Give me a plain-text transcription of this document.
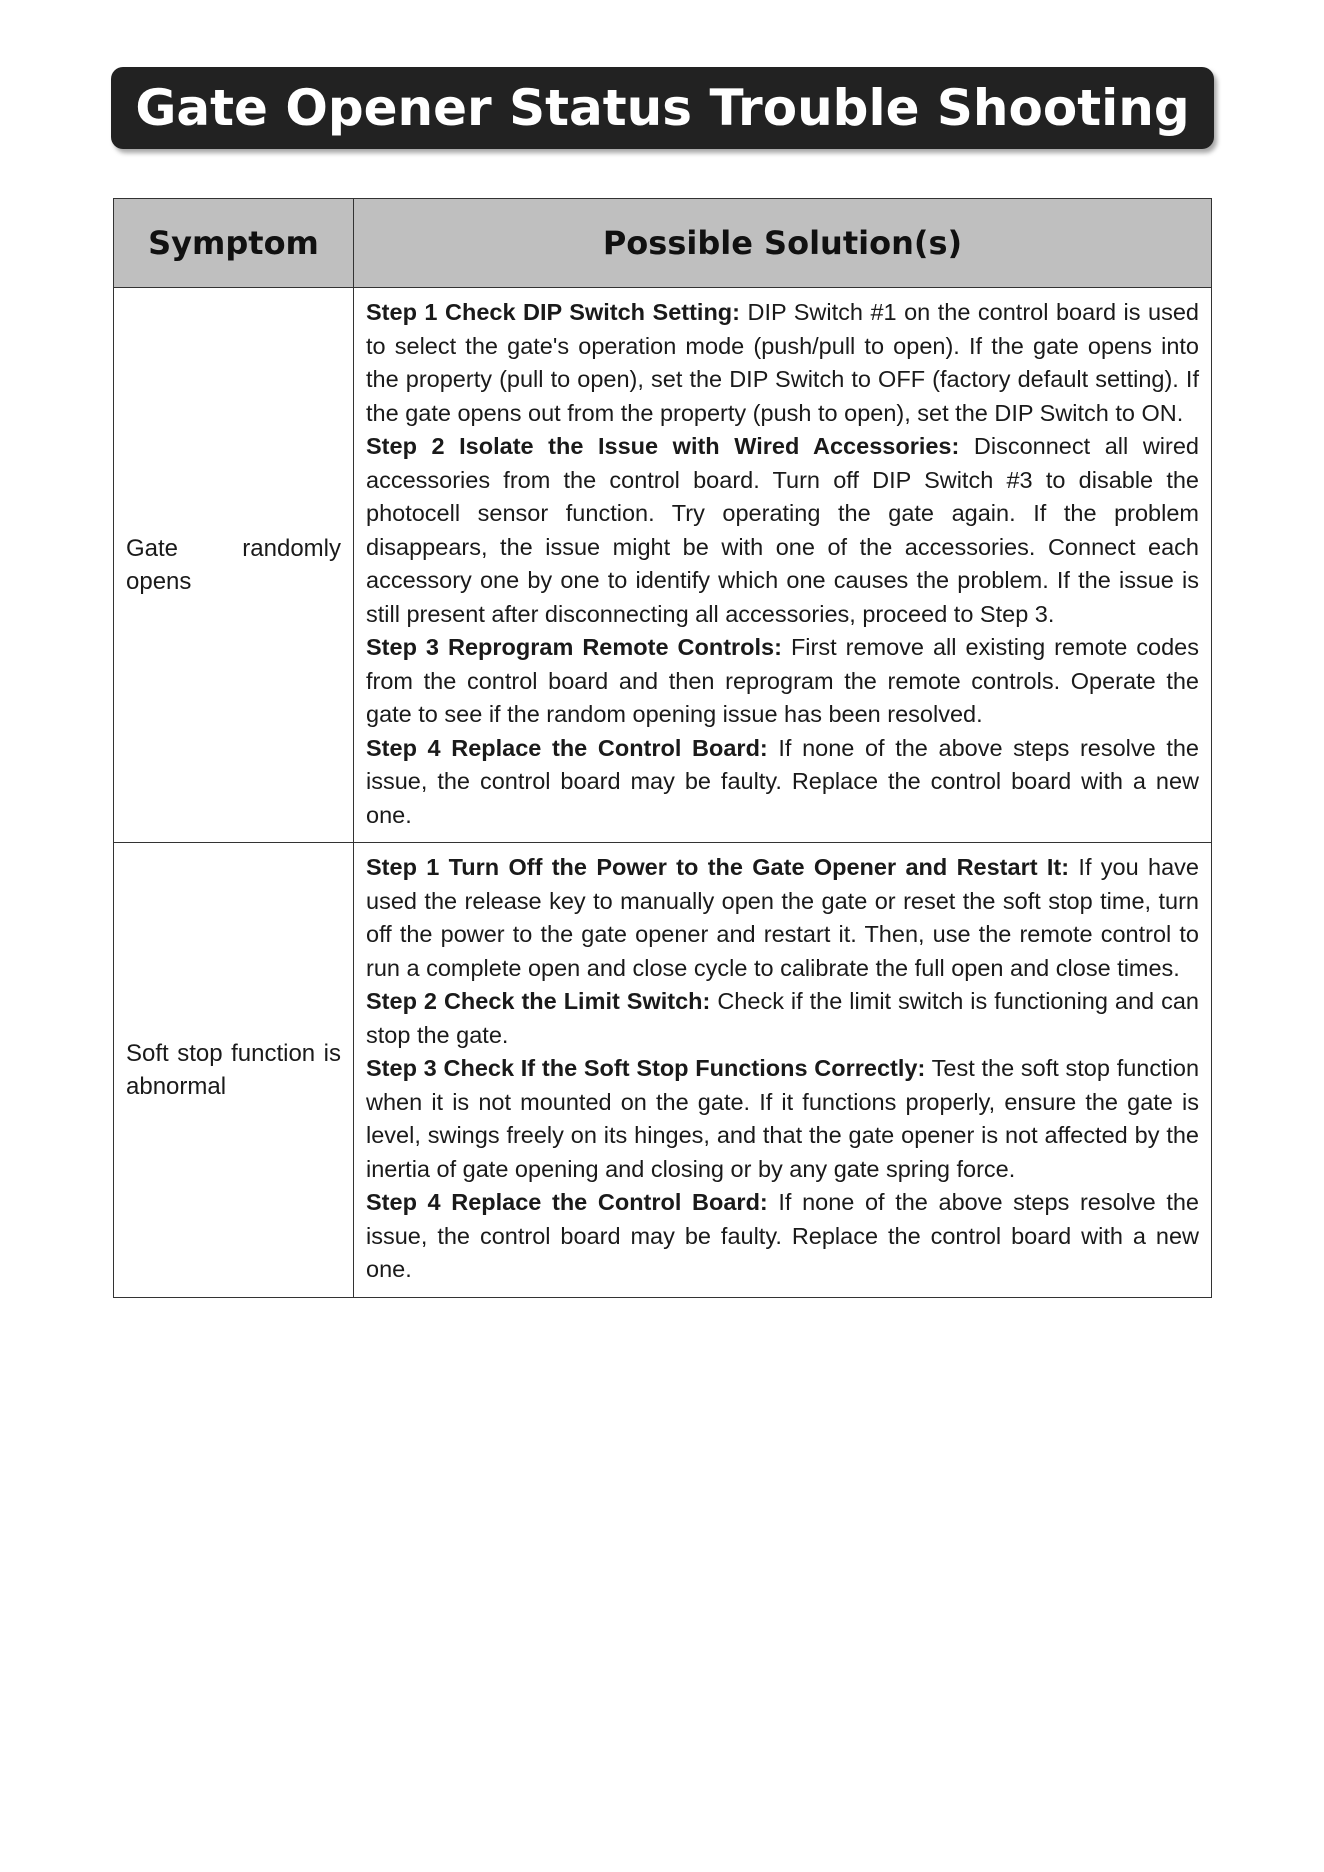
Gate Opener Status Trouble Shooting
Symptom	Possible Solution(s)
Gate randomly opens	Step 1 Check DIP Switch Setting: DIP Switch #1 on the control board is used to select the gate's operation mode (push/pull to open). If the gate opens into the property (pull to open), set the DIP Switch to OFF (factory default setting). If the gate opens out from the property (push to open), set the DIP Switch to ON.

Step 2 Isolate the Issue with Wired Accessories: Disconnect all wired accessories from the control board. Turn off DIP Switch #3 to disable the photocell sensor function. Try operating the gate again. If the problem disappears, the issue might be with one of the accessories. Connect each accessory one by one to identify which one causes the problem. If the issue is still present after disconnecting all accessories, proceed to Step 3.

Step 3 Reprogram Remote Controls: First remove all existing remote codes from the control board and then reprogram the remote controls. Operate the gate to see if the random opening issue has been resolved.

Step 4 Replace the Control Board: If none of the above steps resolve the issue, the control board may be faulty. Replace the control board with a new one.

Soft stop function is abnormal	Step 1 Turn Off the Power to the Gate Opener and Restart It: If you have used the release key to manually open the gate or reset the soft stop time, turn off the power to the gate opener and restart it. Then, use the remote control to run a complete open and close cycle to calibrate the full open and close times.

Step 2 Check the Limit Switch: Check if the limit switch is functioning and can stop the gate.

Step 3 Check If the Soft Stop Functions Correctly: Test the soft stop function when it is not mounted on the gate. If it functions properly, ensure the gate is level, swings freely on its hinges, and that the gate opener is not affected by the inertia of gate opening and closing or by any gate spring force.

Step 4 Replace the Control Board: If none of the above steps resolve the issue, the control board may be faulty. Replace the control board with a new one.
